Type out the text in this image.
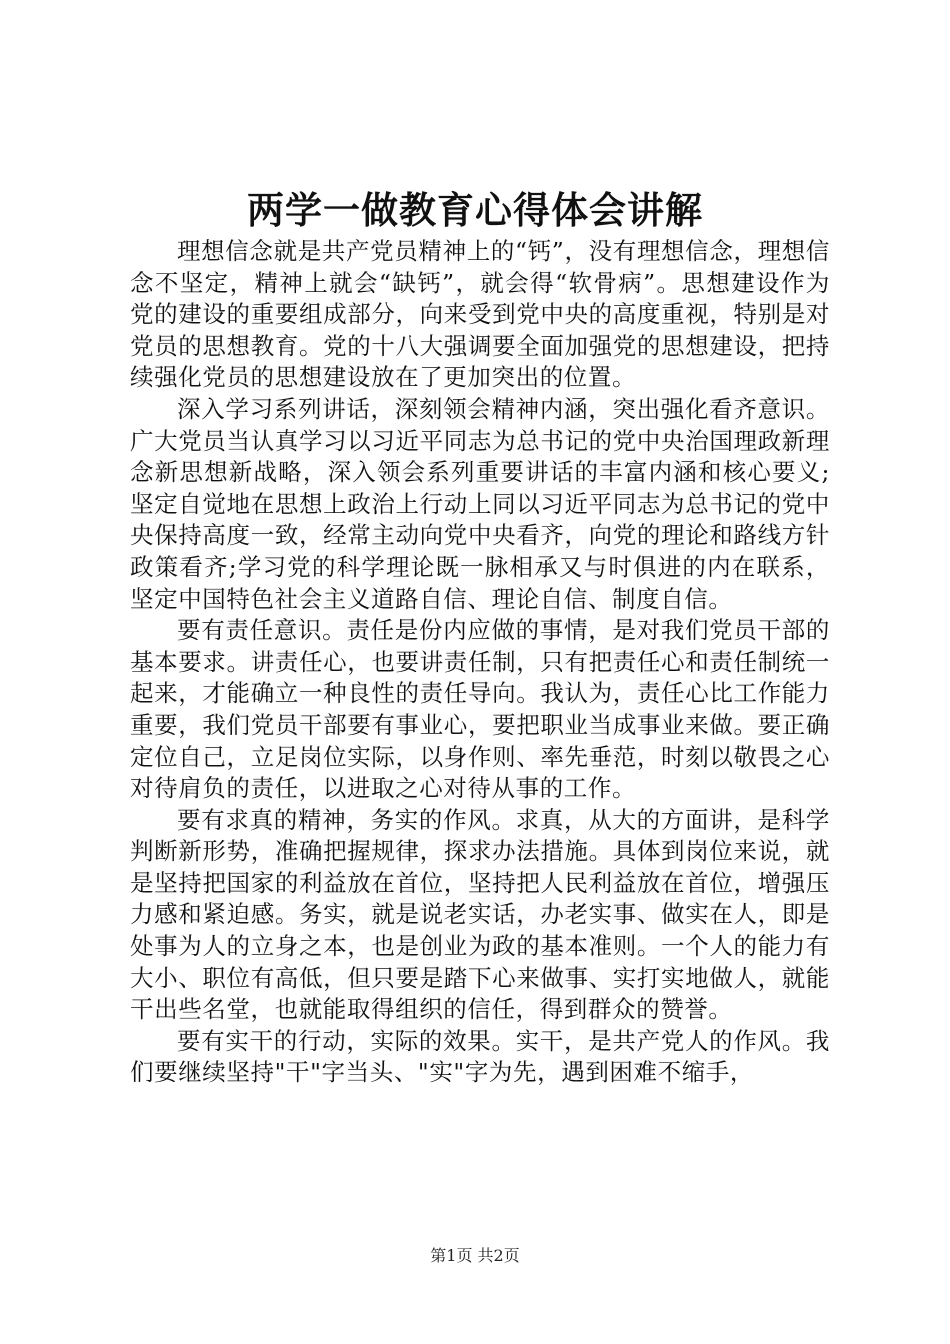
两学一做教育心得体会讲解

理想信念就是共产党员精神上的“钙”，没有理想信念，理想信念不坚定，精神上就会“缺钙”，就会得“软骨病”。思想建设作为党的建设的重要组成部分，向来受到党中央的高度重视，特别是对党员的思想教育。党的十八大强调要全面加强党的思想建设，把持续强化党员的思想建设放在了更加突出的位置。

深入学习系列讲话，深刻领会精神内涵，突出强化看齐意识。广大党员当认真学习以习近平同志为总书记的党中央治国理政新理念新思想新战略，深入领会系列重要讲话的丰富内涵和核心要义;坚定自觉地在思想上政治上行动上同以习近平同志为总书记的党中央保持高度一致，经常主动向党中央看齐，向党的理论和路线方针政策看齐;学习党的科学理论既一脉相承又与时俱进的内在联系，坚定中国特色社会主义道路自信、理论自信、制度自信。

要有责任意识。责任是份内应做的事情，是对我们党员干部的基本要求。讲责任心，也要讲责任制，只有把责任心和责任制统一起来，才能确立一种良性的责任导向。我认为，责任心比工作能力重要，我们党员干部要有事业心，要把职业当成事业来做。要正确定位自己，立足岗位实际，以身作则、率先垂范，时刻以敬畏之心对待肩负的责任，以进取之心对待从事的工作。

要有求真的精神，务实的作风。求真，从大的方面讲，是科学判断新形势，准确把握规律，探求办法措施。具体到岗位来说，就是坚持把国家的利益放在首位，坚持把人民利益放在首位，增强压力感和紧迫感。务实，就是说老实话，办老实事、做实在人，即是处事为人的立身之本，也是创业为政的基本准则。一个人的能力有大小、职位有高低，但只要是踏下心来做事、实打实地做人，就能干出些名堂，也就能取得组织的信任，得到群众的赞誉。

要有实干的行动，实际的效果。实干，是共产党人的作风。我们要继续坚持"干"字当头、"实"字为先，遇到困难不缩手，

第1页 共2页
